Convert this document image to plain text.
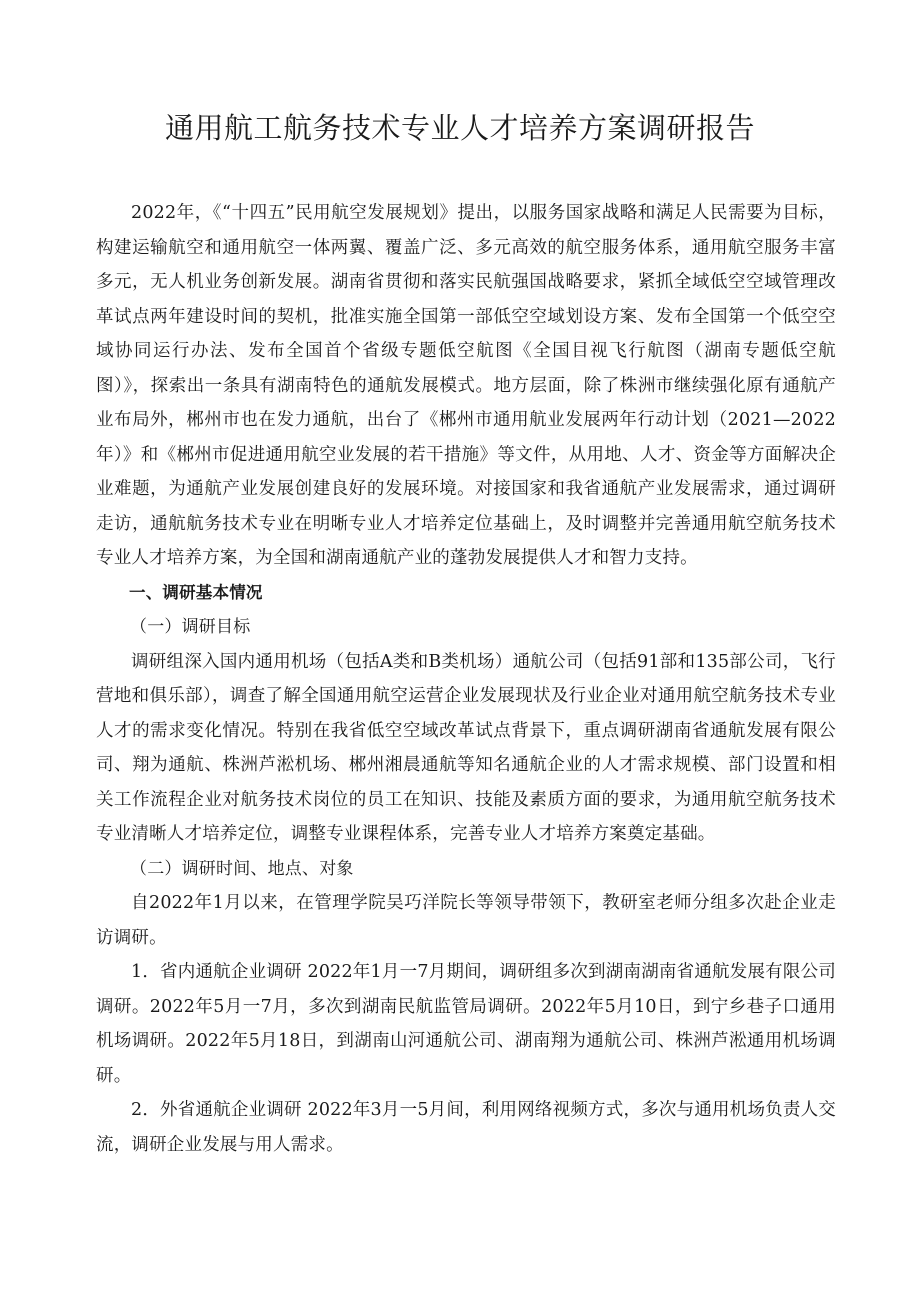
通用航工航务技术专业人才培养方案调研报告

2022年，《“十四五”民用航空发展规划》提出，以服务国家战略和满足人民需要为目标，构建运输航空和通用航空一体两翼、覆盖广泛、多元高效的航空服务体系，通用航空服务丰富多元，无人机业务创新发展。湖南省贯彻和落实民航强国战略要求，紧抓全域低空空域管理改革试点两年建设时间的契机，批准实施全国第一部低空空域划设方案、发布全国第一个低空空域协同运行办法、发布全国首个省级专题低空航图《全国目视飞行航图（湖南专题低空航图）》，探索出一条具有湖南特色的通航发展模式。地方层面，除了株洲市继续强化原有通航产业布局外，郴州市也在发力通航，出台了《郴州市通用航业发展两年行动计划（2021—2022年）》和《郴州市促进通用航空业发展的若干措施》等文件，从用地、人才、资金等方面解决企业难题，为通航产业发展创建良好的发展环境。对接国家和我省通航产业发展需求，通过调研走访，通航航务技术专业在明晰专业人才培养定位基础上，及时调整并完善通用航空航务技术专业人才培养方案，为全国和湖南通航产业的蓬勃发展提供人才和智力支持。

一、调研基本情况

（一）调研目标

调研组深入国内通用机场（包括A类和B类机场）通航公司（包括91部和135部公司，飞行营地和俱乐部），调查了解全国通用航空运营企业发展现状及行业企业对通用航空航务技术专业人才的需求变化情况。特别在我省低空空域改革试点背景下，重点调研湖南省通航发展有限公司、翔为通航、株洲芦淞机场、郴州湘晨通航等知名通航企业的人才需求规模、部门设置和相关工作流程企业对航务技术岗位的员工在知识、技能及素质方面的要求，为通用航空航务技术专业清晰人才培养定位，调整专业课程体系，完善专业人才培养方案奠定基础。

（二）调研时间、地点、对象

自2022年1月以来，在管理学院吴巧洋院长等领导带领下，教研室老师分组多次赴企业走访调研。

1．省内通航企业调研 2022年1月一7月期间，调研组多次到湖南湖南省通航发展有限公司调研。2022年5月一7月，多次到湖南民航监管局调研。2022年5月10日，到宁乡巷子口通用机场调研。2022年5月18日，到湖南山河通航公司、湖南翔为通航公司、株洲芦淞通用机场调研。

2．外省通航企业调研 2022年3月一5月间，利用网络视频方式，多次与通用机场负责人交流，调研企业发展与用人需求。
